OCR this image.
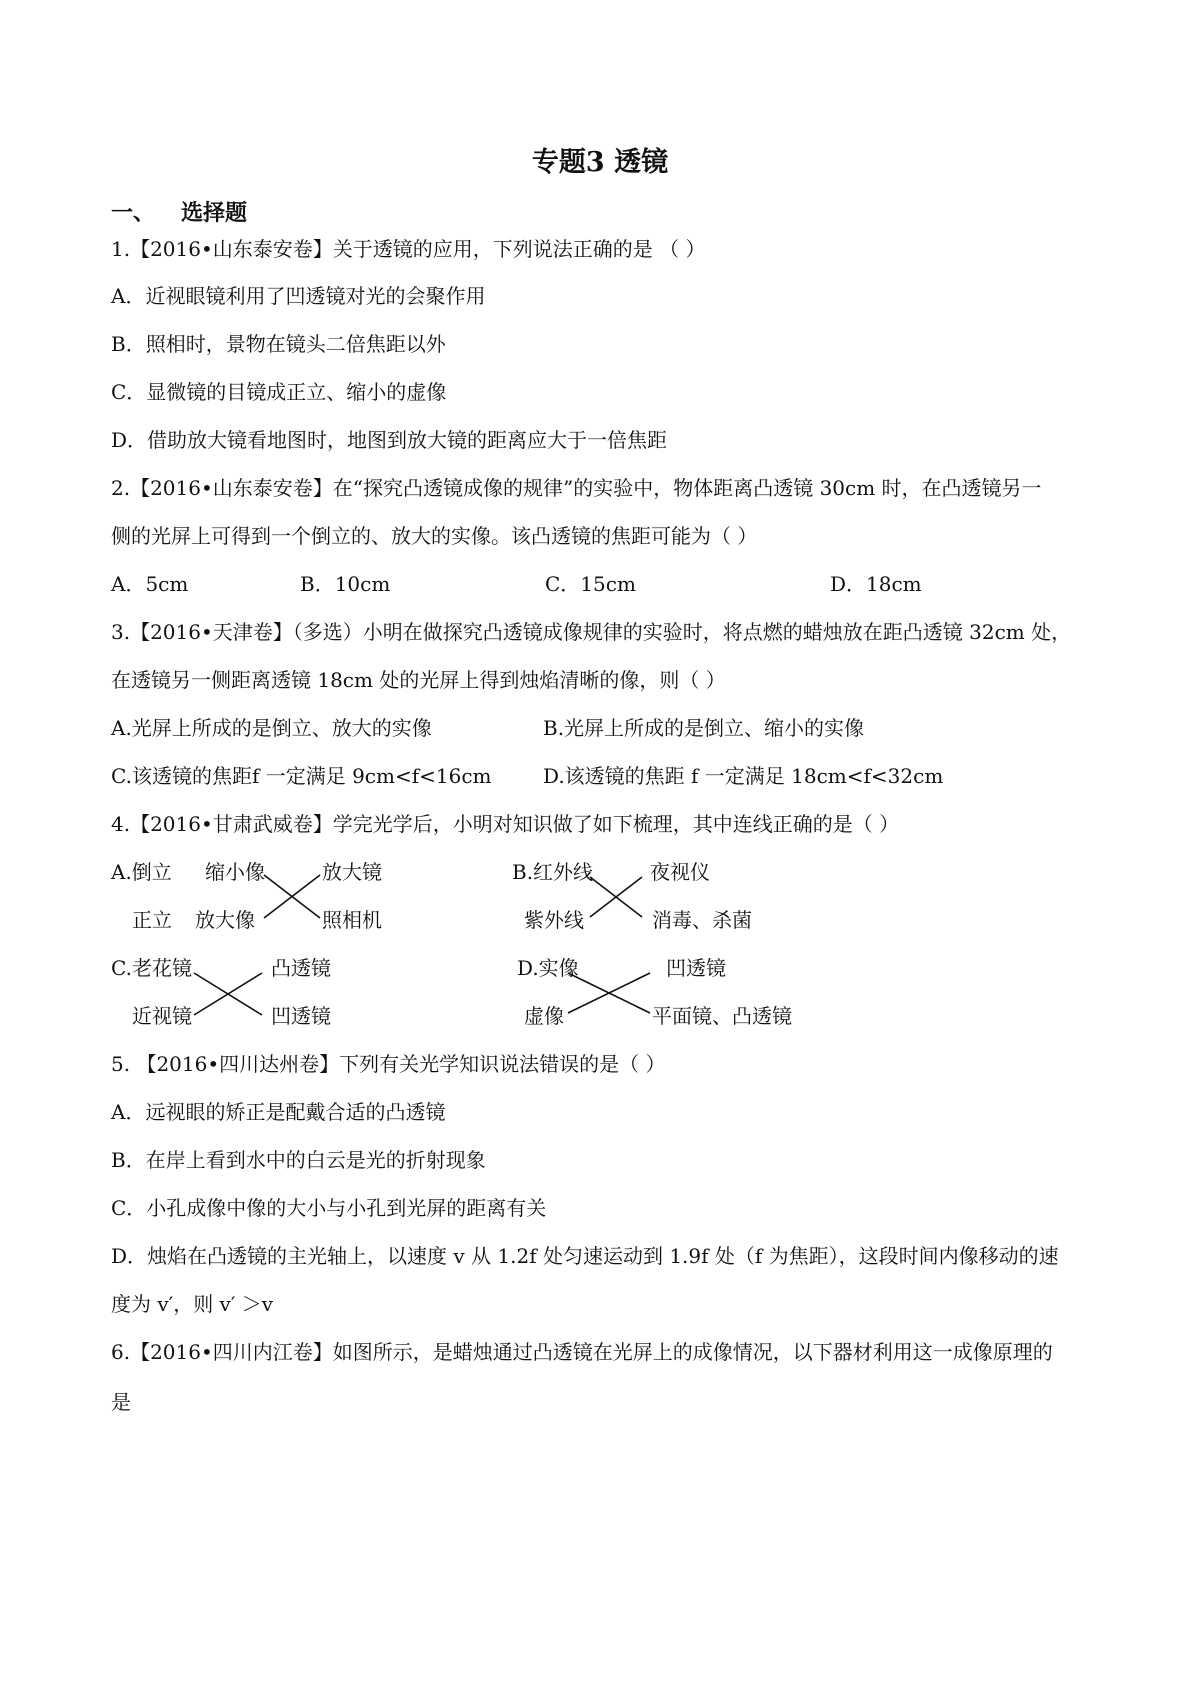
专题3 透镜
一、 选择题
1.【2016•山东泰安卷】关于透镜的应用，下列说法正确的是 （ ）
A．近视眼镜利用了凹透镜对光的会聚作用
B．照相时，景物在镜头二倍焦距以外
C．显微镜的目镜成正立、缩小的虚像
D．借助放大镜看地图时，地图到放大镜的距离应大于一倍焦距
2.【2016•山东泰安卷】在“探究凸透镜成像的规律”的实验中，物体距离凸透镜 30cm 时，在凸透镜另一
侧的光屏上可得到一个倒立的、放大的实像。该凸透镜的焦距可能为（ ）
A．5cm	B．10cm	C．15cm	D．18cm
3.【2016•天津卷】（多选）小明在做探究凸透镜成像规律的实验时，将点燃的蜡烛放在距凸透镜 32cm 处，
在透镜另一侧距离透镜 18cm 处的光屏上得到烛焰清晰的像，则（ ）
A.光屏上所成的是倒立、放大的实像	B.光屏上所成的是倒立、缩小的实像
C.该透镜的焦距f 一定满足 9cm<f<16cm	D.该透镜的焦距 f 一定满足 18cm<f<32cm
4.【2016•甘肃武威卷】学完光学后，小明对知识做了如下梳理，其中连线正确的是（ ）
A.倒立 缩小像	放大镜
正立 放大像	照相机
B.红外线	夜视仪
紫外线	消毒、杀菌
C.老花镜	凸透镜
近视镜	凹透镜
D.实像	凹透镜
虚像	平面镜、凸透镜
5. 【2016•四川达州卷】下列有关光学知识说法错误的是（ ）
A．远视眼的矫正是配戴合适的凸透镜
B．在岸上看到水中的白云是光的折射现象
C．小孔成像中像的大小与小孔到光屏的距离有关
D．烛焰在凸透镜的主光轴上，以速度 v 从 1.2f 处匀速运动到 1.9f 处（f 为焦距），这段时间内像移动的速
度为 v′，则 v′ ＞v
6.【2016•四川内江卷】如图所示，是蜡烛通过凸透镜在光屏上的成像情况，以下器材利用这一成像原理的
是
